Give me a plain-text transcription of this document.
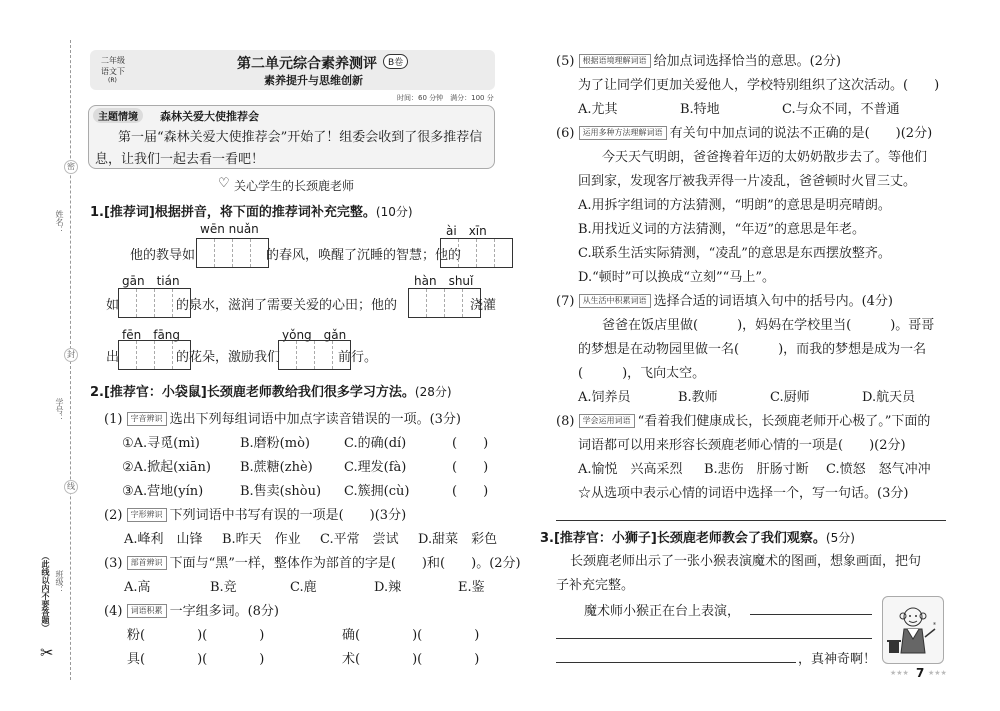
姓名：
学号：
班级：
密
封
线
（此线以内不要答题）
✂
二年级
语文下
(R)
第二单元综合素养测评	B卷
素养提升与思维创新
时间：60 分钟　满分：100 分
主题情境	森林关爱大使推荐会
第一届“森林关爱大使推荐会”开始了！组委会收到了很多推荐信
息，让我们一起去看一看吧！
♡ 关心学生的长颈鹿老师
1.[推荐词]根据拼音，将下面的推荐词补充完整。(10分)
wēn nuǎn	ài　xīn
他的教导如	的春风，唤醒了沉睡的智慧；他的
gān　tián	hàn　shuǐ
如	的泉水，滋润了需要关爱的心田；他的	浇灌
fēn　fāng	yǒng　gǎn
出	的花朵，激励我们	前行。
2.[推荐官：小袋鼠]长颈鹿老师教给我们很多学习方法。(28分)
(1) 字音辨识 选出下列每组词语中加点字读音错误的一项。(3分)
①A.寻觅(mì)	B.磨粉(mò)	C.的确(dí)	(　　)
②A.掀起(xiān) B.蔗糖(zhè) C.理发(fà)	(　　)
③A.营地(yín)	B.售卖(shòu) C.簇拥(cù)	(　　)
(2) 字形辨识 下列词语中书写有误的一项是(　　)(3分)
A.峰利　山锋 B.昨天　作业 C.平常　尝试 D.甜菜　彩色
(3) 部首辨识 下面与“黑”一样，整体作为部首的字是(　　)和(　　)。(2分)
A.高	B.竞	C.鹿	D.辣	E.鉴
(4) 词语积累 一字组多词。(8分)
粉(　　　　)(　　　　)	确(　　　　)(　　　　)
具(　　　　)(　　　　)	术(　　　　)(　　　　)
(5) 根据语境理解词语 给加点词选择恰当的意思。(2分)
为了让同学们更加关爱他人，学校特别组织了这次活动。(　　)
A.尤其	B.特地	C.与众不同，不普通
(6) 运用多种方法理解词语 有关句中加点词的说法不正确的是(　　)(2分)
今天天气明朗，爸爸搀着年迈的太奶奶散步去了。等他们
回到家，发现客厅被我弄得一片凌乱，爸爸顿时火冒三丈。
A.用拆字组词的方法猜测，“明朗”的意思是明亮晴朗。
B.用找近义词的方法猜测，“年迈”的意思是年老。
C.联系生活实际猜测，“凌乱”的意思是东西摆放整齐。
D.“顿时”可以换成“立刻”“马上”。
(7) 从生活中积累词语 选择合适的词语填入句中的括号内。(4分)
爸爸在饭店里做(　　　)，妈妈在学校里当(　　　)。哥哥
的梦想是在动物园里做一名(　　　)，而我的梦想是成为一名
(　　　)，飞向太空。
A.饲养员	B.教师	C.厨师	D.航天员
(8) 学会运用词语 “看着我们健康成长，长颈鹿老师开心极了。”下面的
词语都可以用来形容长颈鹿老师心情的一项是(　　)(2分)
A.愉悦　兴高采烈 B.悲伤　肝肠寸断 C.愤怒　怒气冲冲
☆从选项中表示心情的词语中选择一个，写一句话。(3分)
3.[推荐官：小狮子]长颈鹿老师教会了我们观察。(5分)
长颈鹿老师出示了一张小猴表演魔术的图画，想象画面，把句
子补充完整。
魔术师小猴正在台上表演，
，真神奇啊！
*
★★★ 7 ★★★
